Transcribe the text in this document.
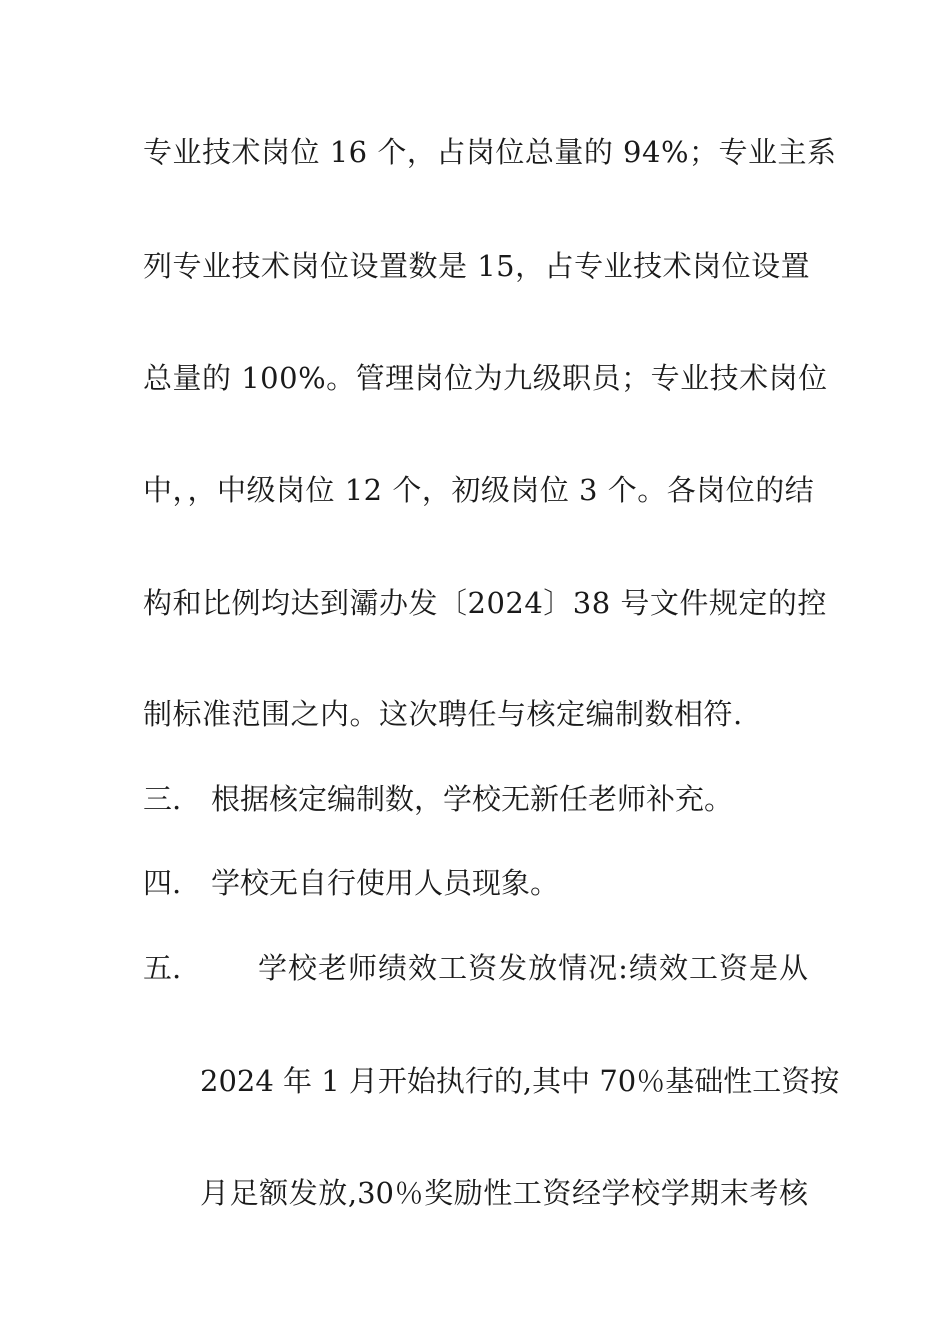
专业技术岗位 16 个，占岗位总量的 94%；专业主系
列专业技术岗位设置数是 15，占专业技术岗位设置
总量的 100%。管理岗位为九级职员；专业技术岗位
中，，中级岗位 12 个，初级岗位 3 个。各岗位的结
构和比例均达到灞办发〔2024〕38 号文件规定的控
制标准范围之内。这次聘任与核定编制数相符.
三.	根据核定编制数，学校无新任老师补充。
四.	学校无自行使用人员现象。
五.	学校老师绩效工资发放情况:绩效工资是从
2024 年 1 月开始执行的,其中 70％基础性工资按
月足额发放,30％奖励性工资经学校学期末考核
